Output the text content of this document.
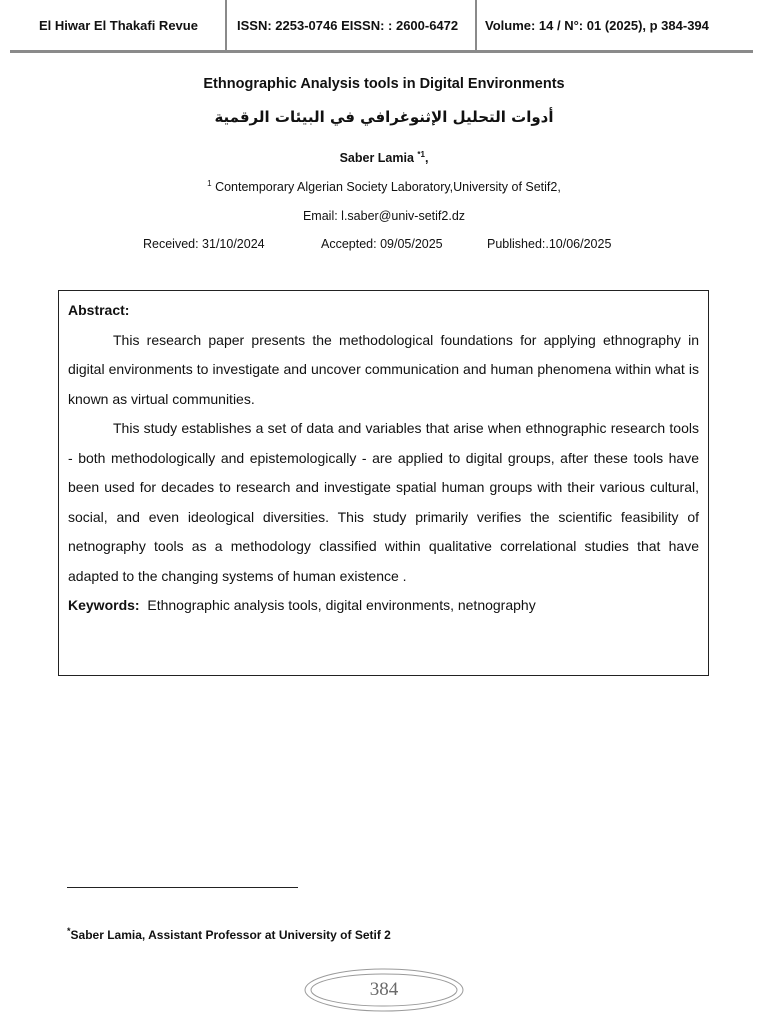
El Hiwar El Thakafi Revue	ISSN: 2253-0746 EISSN: : 2600-6472	Volume: 14 / N°: 01 (2025), p 384-394
Ethnographic Analysis tools in Digital Environments
أدوات التحليل الإثنوغرافي في البيئات الرقمية
Saber Lamia $^{*1}$,
$^1$ Contemporary Algerian Society Laboratory,University of Setif2,
Email: l.saber@univ-setif2.dz
Received: 31/10/2024	Accepted: 09/05/2025	Published:.10/06/2025
Abstract:

This research paper presents the methodological foundations for applying ethnography in digital environments to investigate and uncover communication and human phenomena within what is known as virtual communities.

This study establishes a set of data and variables that arise when ethnographic research tools - both methodologically and epistemologically - are applied to digital groups, after these tools have been used for decades to research and investigate spatial human groups with their various cultural, social, and even ideological diversities. This study primarily verifies the scientific feasibility of netnography tools as a methodology classified within qualitative correlational studies that have adapted to the changing systems of human existence .

Keywords: Ethnographic analysis tools, digital environments, netnography
*Saber Lamia, Assistant Professor at University of Setif 2
384
